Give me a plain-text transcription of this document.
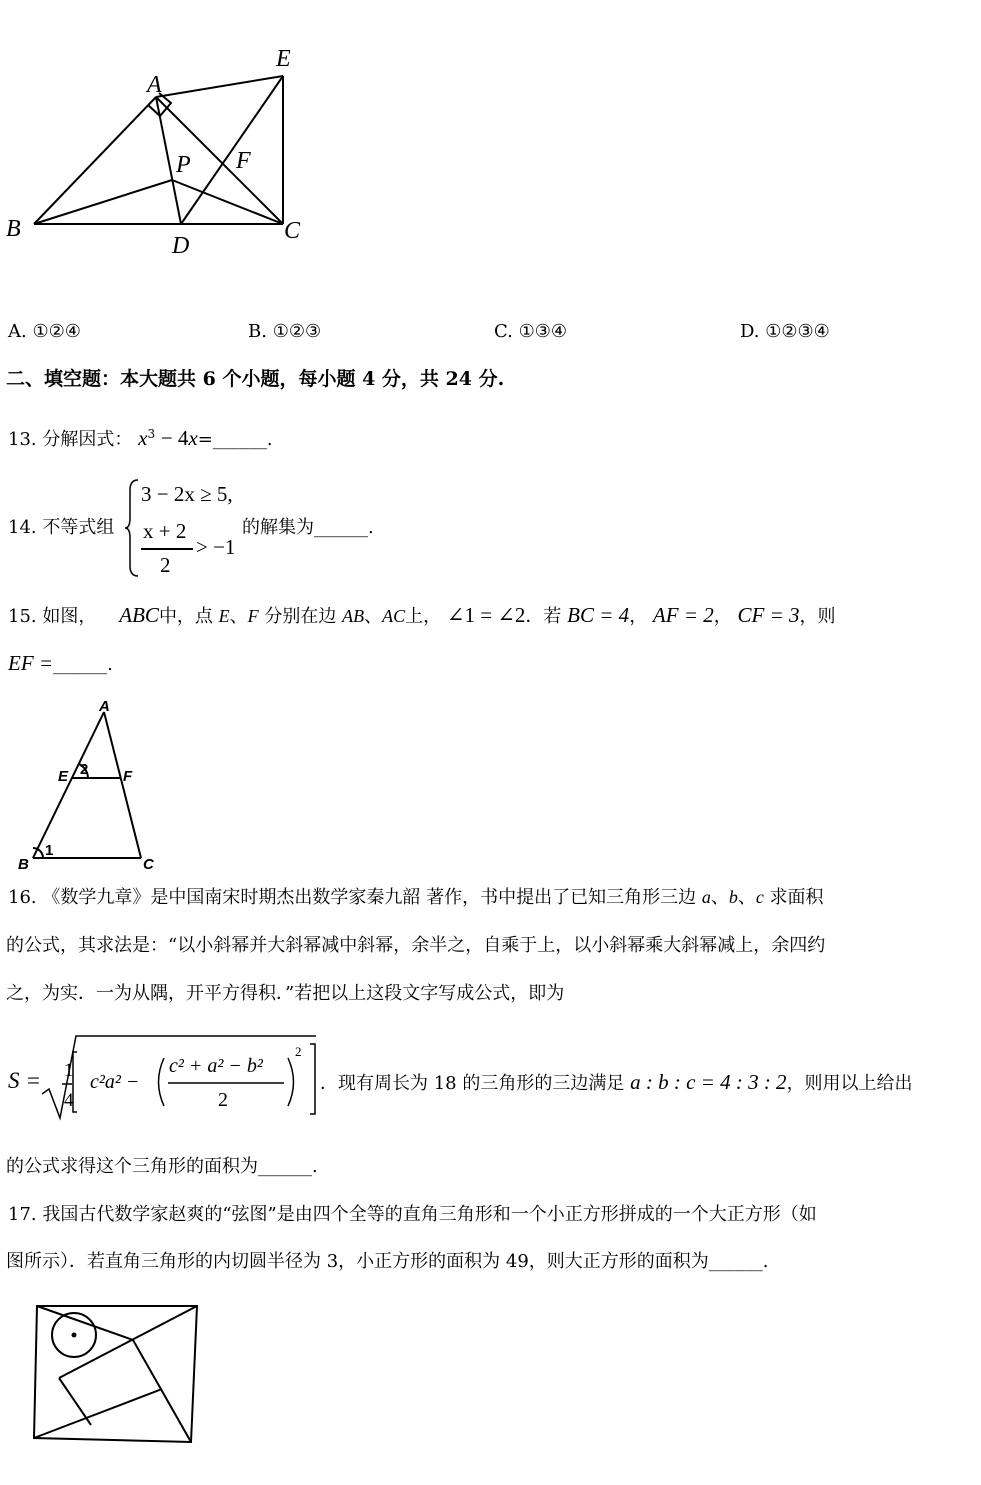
A
E
P F
B
D
C
A. ①②④	B. ①②③	C. ①③④	D. ①②③④
二、填空题：本大题共 6 个小题，每小题 4 分，共 24 分.
13. 分解因式： $x^3$ − 4x=______.
14. 不等式组
3 − 2x ≥ 5,
x + 2
2
> −1
的解集为______.
15. 如图， ABC中，点 E、F 分别在边 AB、AC上， ∠1 = ∠2．若 BC = 4， AF = 2， CF = 3，则
EF =______.
A
E 2 F
B
1
C
16. 《数学九章》是中国南宋时期杰出数学家秦九韶 著作，书中提出了已知三角形三边 a、b、c 求面积
的公式，其求法是：“以小斜幂并大斜幂减中斜幂，余半之，自乘于上，以小斜幂乘大斜幂减上，余四约
之，为实．一为从隅，开平方得积．”若把以上这段文字写成公式，即为
S = 1
4
c²a² −
c² + a² − b²
2
2
．现有周长为 18 的三角形的三边满足 a : b : c = 4 : 3 : 2，则用以上给出
的公式求得这个三角形的面积为______.
17. 我国古代数学家赵爽的“弦图”是由四个全等的直角三角形和一个小正方形拼成的一个大正方形（如
图所示）．若直角三角形的内切圆半径为 3，小正方形的面积为 49，则大正方形的面积为______.
